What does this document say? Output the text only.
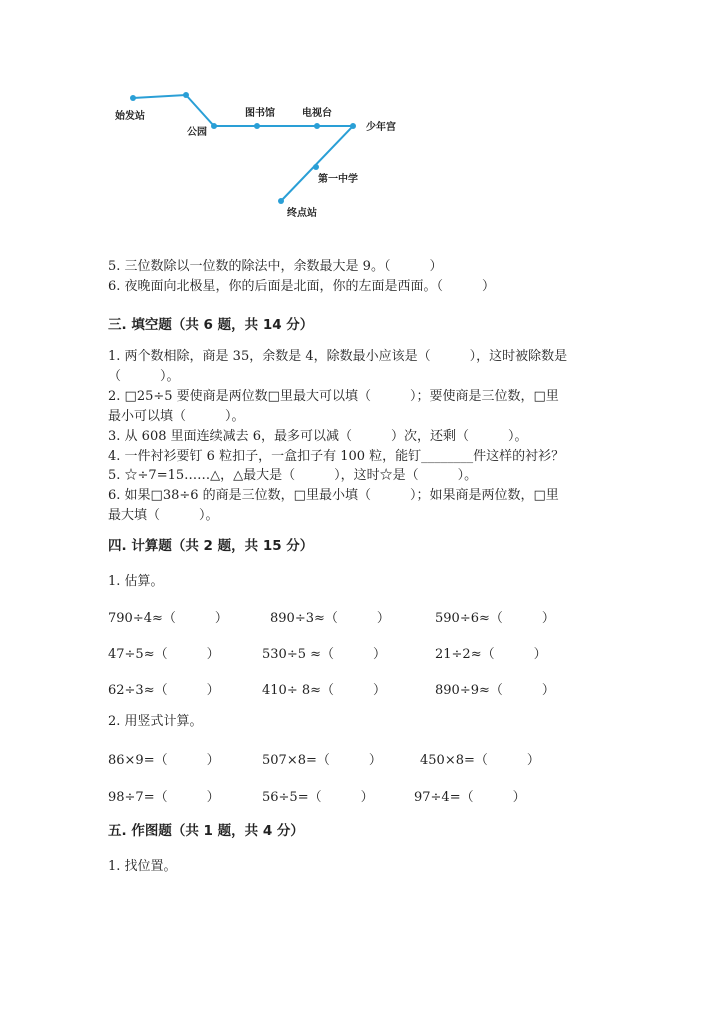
始发站
公园
图书馆	电视台
少年宫
第一中学
终点站
5. 三位数除以一位数的除法中，余数最大是 9。（　　　）
6. 夜晚面向北极星，你的后面是北面，你的左面是西面。（　　　）
三. 填空题（共 6 题，共 14 分）
1. 两个数相除，商是 35，余数是 4，除数最小应该是（　　　），这时被除数是
（　　　）。
2. □25÷5 要使商是两位数□里最大可以填（　　　）；要使商是三位数，□里
最小可以填（　　　）。
3. 从 608 里面连续减去 6，最多可以减（　　　）次，还剩（　　　）。
4. 一件衬衫要钉 6 粒扣子，一盒扣子有 100 粒，能钉________件这样的衬衫？
5. ☆÷7=15……△，△最大是（　　　），这时☆是（　　　）。
6. 如果□38÷6 的商是三位数，□里最小填（　　　）；如果商是两位数，□里
最大填（　　　）。
四. 计算题（共 2 题，共 15 分）
1. 估算。
790÷4≈（　　　）	890÷3≈（　　　）	590÷6≈（　　　）
47÷5≈（　　　）	530÷5 ≈（　　　）	21÷2≈（　　　）
62÷3≈（　　　）	410÷ 8≈（　　　）	890÷9≈（　　　）
2. 用竖式计算。
86×9=（　　　）	507×8=（　　　）	450×8=（　　　）
98÷7=（　　　）	56÷5=（　　　）	97÷4=（　　　）
五. 作图题（共 1 题，共 4 分）
1. 找位置。
